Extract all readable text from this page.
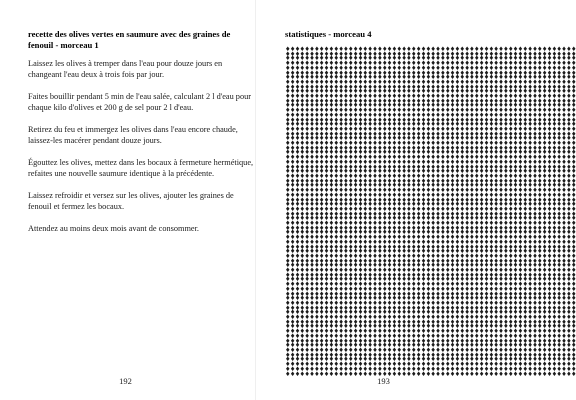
recette des olives vertes en saumure avec des graines de fenouil - morceau 1

Laissez les olives à tremper dans l'eau pour douze jours en changeant l'eau deux à trois fois par jour.

Faites bouillir pendant 5 min de l'eau salée, calculant 2 l d'eau pour chaque kilo d'olives et 200 g de sel pour 2 l d'eau.

Retirez du feu et immergez les olives dans l'eau encore chaude, laissez-les macérer pendant douze jours.

Égouttez les olives, mettez dans les bocaux à fermeture hermétique, refaites une nouvelle saumure identique à la précédente.

Laissez refroidir et versez sur les olives, ajouter les graines de fenouil et fermez les bocaux.

Attendez au moins deux mois avant de consommer.

192
statistiques - morceau 4
♦♦♦♦♦♦♦♦♦♦♦♦♦♦♦♦♦♦♦♦♦♦♦♦♦♦♦♦♦♦♦♦♦♦♦♦♦♦♦♦♦♦♦♦♦♦♦♦♦♦♦♦♦♦♦♦♦♦♦♦
♦♦♦♦♦♦♦♦♦♦♦♦♦♦♦♦♦♦♦♦♦♦♦♦♦♦♦♦♦♦♦♦♦♦♦♦♦♦♦♦♦♦♦♦♦♦♦♦♦♦♦♦♦♦♦♦♦♦♦♦
♦♦♦♦♦♦♦♦♦♦♦♦♦♦♦♦♦♦♦♦♦♦♦♦♦♦♦♦♦♦♦♦♦♦♦♦♦♦♦♦♦♦♦♦♦♦♦♦♦♦♦♦♦♦♦♦♦♦♦♦
♦♦♦♦♦♦♦♦♦♦♦♦♦♦♦♦♦♦♦♦♦♦♦♦♦♦♦♦♦♦♦♦♦♦♦♦♦♦♦♦♦♦♦♦♦♦♦♦♦♦♦♦♦♦♦♦♦♦♦♦
♦♦♦♦♦♦♦♦♦♦♦♦♦♦♦♦♦♦♦♦♦♦♦♦♦♦♦♦♦♦♦♦♦♦♦♦♦♦♦♦♦♦♦♦♦♦♦♦♦♦♦♦♦♦♦♦♦♦♦♦
♦♦♦♦♦♦♦♦♦♦♦♦♦♦♦♦♦♦♦♦♦♦♦♦♦♦♦♦♦♦♦♦♦♦♦♦♦♦♦♦♦♦♦♦♦♦♦♦♦♦♦♦♦♦♦♦♦♦♦♦
♦♦♦♦♦♦♦♦♦♦♦♦♦♦♦♦♦♦♦♦♦♦♦♦♦♦♦♦♦♦♦♦♦♦♦♦♦♦♦♦♦♦♦♦♦♦♦♦♦♦♦♦♦♦♦♦♦♦♦♦
♦♦♦♦♦♦♦♦♦♦♦♦♦♦♦♦♦♦♦♦♦♦♦♦♦♦♦♦♦♦♦♦♦♦♦♦♦♦♦♦♦♦♦♦♦♦♦♦♦♦♦♦♦♦♦♦♦♦♦♦
♦♦♦♦♦♦♦♦♦♦♦♦♦♦♦♦♦♦♦♦♦♦♦♦♦♦♦♦♦♦♦♦♦♦♦♦♦♦♦♦♦♦♦♦♦♦♦♦♦♦♦♦♦♦♦♦♦♦♦♦
♦♦♦♦♦♦♦♦♦♦♦♦♦♦♦♦♦♦♦♦♦♦♦♦♦♦♦♦♦♦♦♦♦♦♦♦♦♦♦♦♦♦♦♦♦♦♦♦♦♦♦♦♦♦♦♦♦♦♦♦
♦♦♦♦♦♦♦♦♦♦♦♦♦♦♦♦♦♦♦♦♦♦♦♦♦♦♦♦♦♦♦♦♦♦♦♦♦♦♦♦♦♦♦♦♦♦♦♦♦♦♦♦♦♦♦♦♦♦♦♦
♦♦♦♦♦♦♦♦♦♦♦♦♦♦♦♦♦♦♦♦♦♦♦♦♦♦♦♦♦♦♦♦♦♦♦♦♦♦♦♦♦♦♦♦♦♦♦♦♦♦♦♦♦♦♦♦♦♦♦♦
♦♦♦♦♦♦♦♦♦♦♦♦♦♦♦♦♦♦♦♦♦♦♦♦♦♦♦♦♦♦♦♦♦♦♦♦♦♦♦♦♦♦♦♦♦♦♦♦♦♦♦♦♦♦♦♦♦♦♦♦
♦♦♦♦♦♦♦♦♦♦♦♦♦♦♦♦♦♦♦♦♦♦♦♦♦♦♦♦♦♦♦♦♦♦♦♦♦♦♦♦♦♦♦♦♦♦♦♦♦♦♦♦♦♦♦♦♦♦♦♦
♦♦♦♦♦♦♦♦♦♦♦♦♦♦♦♦♦♦♦♦♦♦♦♦♦♦♦♦♦♦♦♦♦♦♦♦♦♦♦♦♦♦♦♦♦♦♦♦♦♦♦♦♦♦♦♦♦♦♦♦
♦♦♦♦♦♦♦♦♦♦♦♦♦♦♦♦♦♦♦♦♦♦♦♦♦♦♦♦♦♦♦♦♦♦♦♦♦♦♦♦♦♦♦♦♦♦♦♦♦♦♦♦♦♦♦♦♦♦♦♦
♦♦♦♦♦♦♦♦♦♦♦♦♦♦♦♦♦♦♦♦♦♦♦♦♦♦♦♦♦♦♦♦♦♦♦♦♦♦♦♦♦♦♦♦♦♦♦♦♦♦♦♦♦♦♦♦♦♦♦♦
♦♦♦♦♦♦♦♦♦♦♦♦♦♦♦♦♦♦♦♦♦♦♦♦♦♦♦♦♦♦♦♦♦♦♦♦♦♦♦♦♦♦♦♦♦♦♦♦♦♦♦♦♦♦♦♦♦♦♦♦
♦♦♦♦♦♦♦♦♦♦♦♦♦♦♦♦♦♦♦♦♦♦♦♦♦♦♦♦♦♦♦♦♦♦♦♦♦♦♦♦♦♦♦♦♦♦♦♦♦♦♦♦♦♦♦♦♦♦♦♦
♦♦♦♦♦♦♦♦♦♦♦♦♦♦♦♦♦♦♦♦♦♦♦♦♦♦♦♦♦♦♦♦♦♦♦♦♦♦♦♦♦♦♦♦♦♦♦♦♦♦♦♦♦♦♦♦♦♦♦♦
♦♦♦♦♦♦♦♦♦♦♦♦♦♦♦♦♦♦♦♦♦♦♦♦♦♦♦♦♦♦♦♦♦♦♦♦♦♦♦♦♦♦♦♦♦♦♦♦♦♦♦♦♦♦♦♦♦♦♦♦
♦♦♦♦♦♦♦♦♦♦♦♦♦♦♦♦♦♦♦♦♦♦♦♦♦♦♦♦♦♦♦♦♦♦♦♦♦♦♦♦♦♦♦♦♦♦♦♦♦♦♦♦♦♦♦♦♦♦♦♦
♦♦♦♦♦♦♦♦♦♦♦♦♦♦♦♦♦♦♦♦♦♦♦♦♦♦♦♦♦♦♦♦♦♦♦♦♦♦♦♦♦♦♦♦♦♦♦♦♦♦♦♦♦♦♦♦♦♦♦♦
♦♦♦♦♦♦♦♦♦♦♦♦♦♦♦♦♦♦♦♦♦♦♦♦♦♦♦♦♦♦♦♦♦♦♦♦♦♦♦♦♦♦♦♦♦♦♦♦♦♦♦♦♦♦♦♦♦♦♦♦
♦♦♦♦♦♦♦♦♦♦♦♦♦♦♦♦♦♦♦♦♦♦♦♦♦♦♦♦♦♦♦♦♦♦♦♦♦♦♦♦♦♦♦♦♦♦♦♦♦♦♦♦♦♦♦♦♦♦♦♦
♦♦♦♦♦♦♦♦♦♦♦♦♦♦♦♦♦♦♦♦♦♦♦♦♦♦♦♦♦♦♦♦♦♦♦♦♦♦♦♦♦♦♦♦♦♦♦♦♦♦♦♦♦♦♦♦♦♦♦♦
♦♦♦♦♦♦♦♦♦♦♦♦♦♦♦♦♦♦♦♦♦♦♦♦♦♦♦♦♦♦♦♦♦♦♦♦♦♦♦♦♦♦♦♦♦♦♦♦♦♦♦♦♦♦♦♦♦♦♦♦
♦♦♦♦♦♦♦♦♦♦♦♦♦♦♦♦♦♦♦♦♦♦♦♦♦♦♦♦♦♦♦♦♦♦♦♦♦♦♦♦♦♦♦♦♦♦♦♦♦♦♦♦♦♦♦♦♦♦♦♦
♦♦♦♦♦♦♦♦♦♦♦♦♦♦♦♦♦♦♦♦♦♦♦♦♦♦♦♦♦♦♦♦♦♦♦♦♦♦♦♦♦♦♦♦♦♦♦♦♦♦♦♦♦♦♦♦♦♦♦♦
♦♦♦♦♦♦♦♦♦♦♦♦♦♦♦♦♦♦♦♦♦♦♦♦♦♦♦♦♦♦♦♦♦♦♦♦♦♦♦♦♦♦♦♦♦♦♦♦♦♦♦♦♦♦♦♦♦♦♦♦
♦♦♦♦♦♦♦♦♦♦♦♦♦♦♦♦♦♦♦♦♦♦♦♦♦♦♦♦♦♦♦♦♦♦♦♦♦♦♦♦♦♦♦♦♦♦♦♦♦♦♦♦♦♦♦♦♦♦♦♦
♦♦♦♦♦♦♦♦♦♦♦♦♦♦♦♦♦♦♦♦♦♦♦♦♦♦♦♦♦♦♦♦♦♦♦♦♦♦♦♦♦♦♦♦♦♦♦♦♦♦♦♦♦♦♦♦♦♦♦♦
♦♦♦♦♦♦♦♦♦♦♦♦♦♦♦♦♦♦♦♦♦♦♦♦♦♦♦♦♦♦♦♦♦♦♦♦♦♦♦♦♦♦♦♦♦♦♦♦♦♦♦♦♦♦♦♦♦♦♦♦
♦♦♦♦♦♦♦♦♦♦♦♦♦♦♦♦♦♦♦♦♦♦♦♦♦♦♦♦♦♦♦♦♦♦♦♦♦♦♦♦♦♦♦♦♦♦♦♦♦♦♦♦♦♦♦♦♦♦♦♦
♦♦♦♦♦♦♦♦♦♦♦♦♦♦♦♦♦♦♦♦♦♦♦♦♦♦♦♦♦♦♦♦♦♦♦♦♦♦♦♦♦♦♦♦♦♦♦♦♦♦♦♦♦♦♦♦♦♦♦♦
♦♦♦♦♦♦♦♦♦♦♦♦♦♦♦♦♦♦♦♦♦♦♦♦♦♦♦♦♦♦♦♦♦♦♦♦♦♦♦♦♦♦♦♦♦♦♦♦♦♦♦♦♦♦♦♦♦♦♦♦
♦♦♦♦♦♦♦♦♦♦♦♦♦♦♦♦♦♦♦♦♦♦♦♦♦♦♦♦♦♦♦♦♦♦♦♦♦♦♦♦♦♦♦♦♦♦♦♦♦♦♦♦♦♦♦♦♦♦♦♦
♦♦♦♦♦♦♦♦♦♦♦♦♦♦♦♦♦♦♦♦♦♦♦♦♦♦♦♦♦♦♦♦♦♦♦♦♦♦♦♦♦♦♦♦♦♦♦♦♦♦♦♦♦♦♦♦♦♦♦♦
♦♦♦♦♦♦♦♦♦♦♦♦♦♦♦♦♦♦♦♦♦♦♦♦♦♦♦♦♦♦♦♦♦♦♦♦♦♦♦♦♦♦♦♦♦♦♦♦♦♦♦♦♦♦♦♦♦♦♦♦
♦♦♦♦♦♦♦♦♦♦♦♦♦♦♦♦♦♦♦♦♦♦♦♦♦♦♦♦♦♦♦♦♦♦♦♦♦♦♦♦♦♦♦♦♦♦♦♦♦♦♦♦♦♦♦♦♦♦♦♦
♦♦♦♦♦♦♦♦♦♦♦♦♦♦♦♦♦♦♦♦♦♦♦♦♦♦♦♦♦♦♦♦♦♦♦♦♦♦♦♦♦♦♦♦♦♦♦♦♦♦♦♦♦♦♦♦♦♦♦♦
♦♦♦♦♦♦♦♦♦♦♦♦♦♦♦♦♦♦♦♦♦♦♦♦♦♦♦♦♦♦♦♦♦♦♦♦♦♦♦♦♦♦♦♦♦♦♦♦♦♦♦♦♦♦♦♦♦♦♦♦
♦♦♦♦♦♦♦♦♦♦♦♦♦♦♦♦♦♦♦♦♦♦♦♦♦♦♦♦♦♦♦♦♦♦♦♦♦♦♦♦♦♦♦♦♦♦♦♦♦♦♦♦♦♦♦♦♦♦♦♦
♦♦♦♦♦♦♦♦♦♦♦♦♦♦♦♦♦♦♦♦♦♦♦♦♦♦♦♦♦♦♦♦♦♦♦♦♦♦♦♦♦♦♦♦♦♦♦♦♦♦♦♦♦♦♦♦♦♦♦♦
♦♦♦♦♦♦♦♦♦♦♦♦♦♦♦♦♦♦♦♦♦♦♦♦♦♦♦♦♦♦♦♦♦♦♦♦♦♦♦♦♦♦♦♦♦♦♦♦♦♦♦♦♦♦♦♦♦♦♦♦
♦♦♦♦♦♦♦♦♦♦♦♦♦♦♦♦♦♦♦♦♦♦♦♦♦♦♦♦♦♦♦♦♦♦♦♦♦♦♦♦♦♦♦♦♦♦♦♦♦♦♦♦♦♦♦♦♦♦♦♦
♦♦♦♦♦♦♦♦♦♦♦♦♦♦♦♦♦♦♦♦♦♦♦♦♦♦♦♦♦♦♦♦♦♦♦♦♦♦♦♦♦♦♦♦♦♦♦♦♦♦♦♦♦♦♦♦♦♦♦♦
♦♦♦♦♦♦♦♦♦♦♦♦♦♦♦♦♦♦♦♦♦♦♦♦♦♦♦♦♦♦♦♦♦♦♦♦♦♦♦♦♦♦♦♦♦♦♦♦♦♦♦♦♦♦♦♦♦♦♦♦
♦♦♦♦♦♦♦♦♦♦♦♦♦♦♦♦♦♦♦♦♦♦♦♦♦♦♦♦♦♦♦♦♦♦♦♦♦♦♦♦♦♦♦♦♦♦♦♦♦♦♦♦♦♦♦♦♦♦♦♦
♦♦♦♦♦♦♦♦♦♦♦♦♦♦♦♦♦♦♦♦♦♦♦♦♦♦♦♦♦♦♦♦♦♦♦♦♦♦♦♦♦♦♦♦♦♦♦♦♦♦♦♦♦♦♦♦♦♦♦♦
♦♦♦♦♦♦♦♦♦♦♦♦♦♦♦♦♦♦♦♦♦♦♦♦♦♦♦♦♦♦♦♦♦♦♦♦♦♦♦♦♦♦♦♦♦♦♦♦♦♦♦♦♦♦♦♦♦♦♦♦
♦♦♦♦♦♦♦♦♦♦♦♦♦♦♦♦♦♦♦♦♦♦♦♦♦♦♦♦♦♦♦♦♦♦♦♦♦♦♦♦♦♦♦♦♦♦♦♦♦♦♦♦♦♦♦♦♦♦♦♦
♦♦♦♦♦♦♦♦♦♦♦♦♦♦♦♦♦♦♦♦♦♦♦♦♦♦♦♦♦♦♦♦♦♦♦♦♦♦♦♦♦♦♦♦♦♦♦♦♦♦♦♦♦♦♦♦♦♦♦♦
♦♦♦♦♦♦♦♦♦♦♦♦♦♦♦♦♦♦♦♦♦♦♦♦♦♦♦♦♦♦♦♦♦♦♦♦♦♦♦♦♦♦♦♦♦♦♦♦♦♦♦♦♦♦♦♦♦♦♦♦
♦♦♦♦♦♦♦♦♦♦♦♦♦♦♦♦♦♦♦♦♦♦♦♦♦♦♦♦♦♦♦♦♦♦♦♦♦♦♦♦♦♦♦♦♦♦♦♦♦♦♦♦♦♦♦♦♦♦♦♦
♦♦♦♦♦♦♦♦♦♦♦♦♦♦♦♦♦♦♦♦♦♦♦♦♦♦♦♦♦♦♦♦♦♦♦♦♦♦♦♦♦♦♦♦♦♦♦♦♦♦♦♦♦♦♦♦♦♦♦♦
♦♦♦♦♦♦♦♦♦♦♦♦♦♦♦♦♦♦♦♦♦♦♦♦♦♦♦♦♦♦♦♦♦♦♦♦♦♦♦♦♦♦♦♦♦♦♦♦♦♦♦♦♦♦♦♦♦♦♦♦
♦♦♦♦♦♦♦♦♦♦♦♦♦♦♦♦♦♦♦♦♦♦♦♦♦♦♦♦♦♦♦♦♦♦♦♦♦♦♦♦♦♦♦♦♦♦♦♦♦♦♦♦♦♦♦♦♦♦♦♦
♦♦♦♦♦♦♦♦♦♦♦♦♦♦♦♦♦♦♦♦♦♦♦♦♦♦♦♦♦♦♦♦♦♦♦♦♦♦♦♦♦♦♦♦♦♦♦♦♦♦♦♦♦♦♦♦♦♦♦♦
♦♦♦♦♦♦♦♦♦♦♦♦♦♦♦♦♦♦♦♦♦♦♦♦♦♦♦♦♦♦♦♦♦♦♦♦♦♦♦♦♦♦♦♦♦♦♦♦♦♦♦♦♦♦♦♦♦♦♦♦
♦♦♦♦♦♦♦♦♦♦♦♦♦♦♦♦♦♦♦♦♦♦♦♦♦♦♦♦♦♦♦♦♦♦♦♦♦♦♦♦♦♦♦♦♦♦♦♦♦♦♦♦♦♦♦♦♦♦♦♦
♦♦♦♦♦♦♦♦♦♦♦♦♦♦♦♦♦♦♦♦♦♦♦♦♦♦♦♦♦♦♦♦♦♦♦♦♦♦♦♦♦♦♦♦♦♦♦♦♦♦♦♦♦♦♦♦♦♦♦♦
♦♦♦♦♦♦♦♦♦♦♦♦♦♦♦♦♦♦♦♦♦♦♦♦♦♦♦♦♦♦♦♦♦♦♦♦♦♦♦♦♦♦♦♦♦♦♦♦♦♦♦♦♦♦♦♦♦♦♦♦
♦♦♦♦♦♦♦♦♦♦♦♦♦♦♦♦♦♦♦♦♦♦♦♦♦♦♦♦♦♦♦♦♦♦♦♦♦♦♦♦♦♦♦♦♦♦♦♦♦♦♦♦♦♦♦♦♦♦♦♦
♦♦♦♦♦♦♦♦♦♦♦♦♦♦♦♦♦♦♦♦♦♦♦♦♦♦♦♦♦♦♦♦♦♦♦♦♦♦♦♦♦♦♦♦♦♦♦♦♦♦♦♦♦♦♦♦♦♦♦♦
♦♦♦♦♦♦♦♦♦♦♦♦♦♦♦♦♦♦♦♦♦♦♦♦♦♦♦♦♦♦♦♦♦♦♦♦♦♦♦♦♦♦♦♦♦♦♦♦♦♦♦♦♦♦♦♦♦♦♦♦
♦♦♦♦♦♦♦♦♦♦♦♦♦♦♦♦♦♦♦♦♦♦♦♦♦♦♦♦♦♦♦♦♦♦♦♦♦♦♦♦♦♦♦♦♦♦♦♦♦♦♦♦♦♦♦♦♦♦♦♦
♦♦♦♦♦♦♦♦♦♦♦♦♦♦♦♦♦♦♦♦♦♦♦♦♦♦♦♦♦♦♦♦♦♦♦♦♦♦♦♦♦♦♦♦♦♦♦♦♦♦♦♦♦♦♦♦♦♦♦♦
♦♦♦♦♦♦♦♦♦♦♦♦♦♦♦♦♦♦♦♦♦♦♦♦♦♦♦♦♦♦♦♦♦♦♦♦♦♦♦♦♦♦♦♦♦♦♦♦♦♦♦♦♦♦♦♦♦♦♦♦
♦♦♦♦♦♦♦♦♦♦♦♦♦♦♦♦♦♦♦♦♦♦♦♦♦♦♦♦♦♦♦♦♦♦♦♦♦♦♦♦♦♦♦♦♦♦♦♦♦♦♦♦♦♦♦♦♦♦♦♦
193
